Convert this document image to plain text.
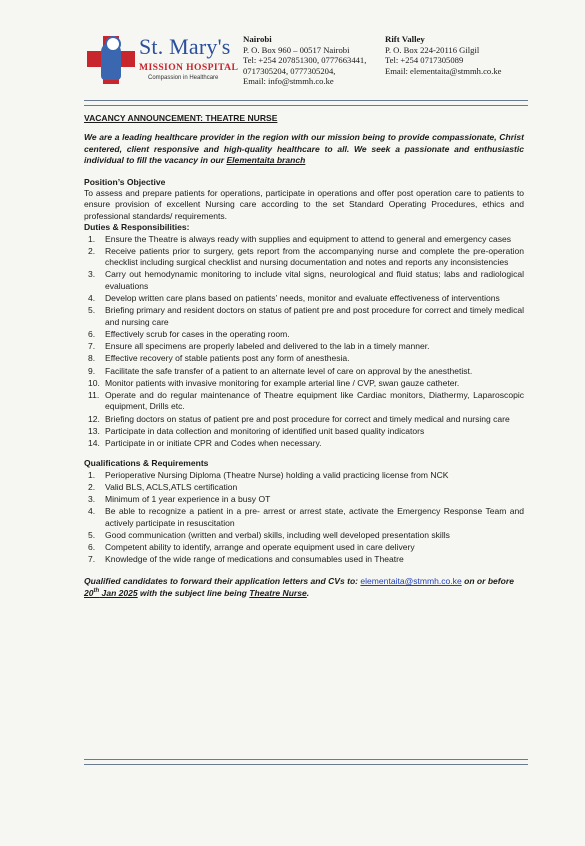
St. Mary's
MISSION HOSPITAL
Compassion in Healthcare
Nairobi
P. O. Box 960 – 00517 Nairobi
Tel: +254 207851300, 0777663441,
0717305204, 0777305204,
Email: info@stmmh.co.ke
Rift Valley
P. O. Box 224-20116 Gilgil
Tel: +254 0717305089
Email: elementaita@stmmh.co.ke

VACANCY ANNOUNCEMENT: THEATRE NURSE

We are a leading healthcare provider in the region with our mission being to provide compassionate, Christ centered, client responsive and high-quality healthcare to all. We seek a passionate and enthusiastic individual to fill the vacancy in our Elementaita branch

Position’s Objective

To assess and prepare patients for operations, participate in operations and offer post operation care to patients to ensure provision of excellent Nursing care according to the set Standard Operating Procedures, ethics and professional standards/ requirements.

Duties & Responsibilities:

1. Ensure the Theatre is always ready with supplies and equipment to attend to general and emergency cases
2. Receive patients prior to surgery, gets report from the accompanying nurse and complete the pre-operation checklist including surgical checklist and nursing documentation and notes and reports any inconsistencies
3. Carry out hemodynamic monitoring to include vital signs, neurological and fluid status; labs and radiological evaluations
4. Develop written care plans based on patients’ needs, monitor and evaluate effectiveness of interventions
5. Briefing primary and resident doctors on status of patient pre and post procedure for correct and timely medical and nursing care
6. Effectively scrub for cases in the operating room.
7. Ensure all specimens are properly labeled and delivered to the lab in a timely manner.
8. Effective recovery of stable patients post any form of anesthesia.
9. Facilitate the safe transfer of a patient to an alternate level of care on approval by the anesthetist.
10. Monitor patients with invasive monitoring for example arterial line / CVP, swan gauze catheter.
11. Operate and do regular maintenance of Theatre equipment like Cardiac monitors, Diathermy, Laparoscopic equipment, Drills etc.
12. Briefing doctors on status of patient pre and post procedure for correct and timely medical and nursing care
13. Participate in data collection and monitoring of identified unit based quality indicators
14. Participate in or initiate CPR and Codes when necessary.

Qualifications & Requirements

1. Perioperative Nursing Diploma (Theatre Nurse) holding a valid practicing license from NCK
2. Valid BLS, ACLS,ATLS certification
3. Minimum of 1 year experience in a busy OT
4. Be able to recognize a patient in a pre- arrest or arrest state, activate the Emergency Response Team and actively participate in resuscitation
5. Good communication (written and verbal) skills, including well developed presentation skills
6. Competent ability to identify, arrange and operate equipment used in care delivery
7. Knowledge of the wide range of medications and consumables used in Theatre

Qualified candidates to forward their application letters and CVs to: elementaita@stmmh.co.ke on or before 20th Jan 2025 with the subject line being Theatre Nurse.
